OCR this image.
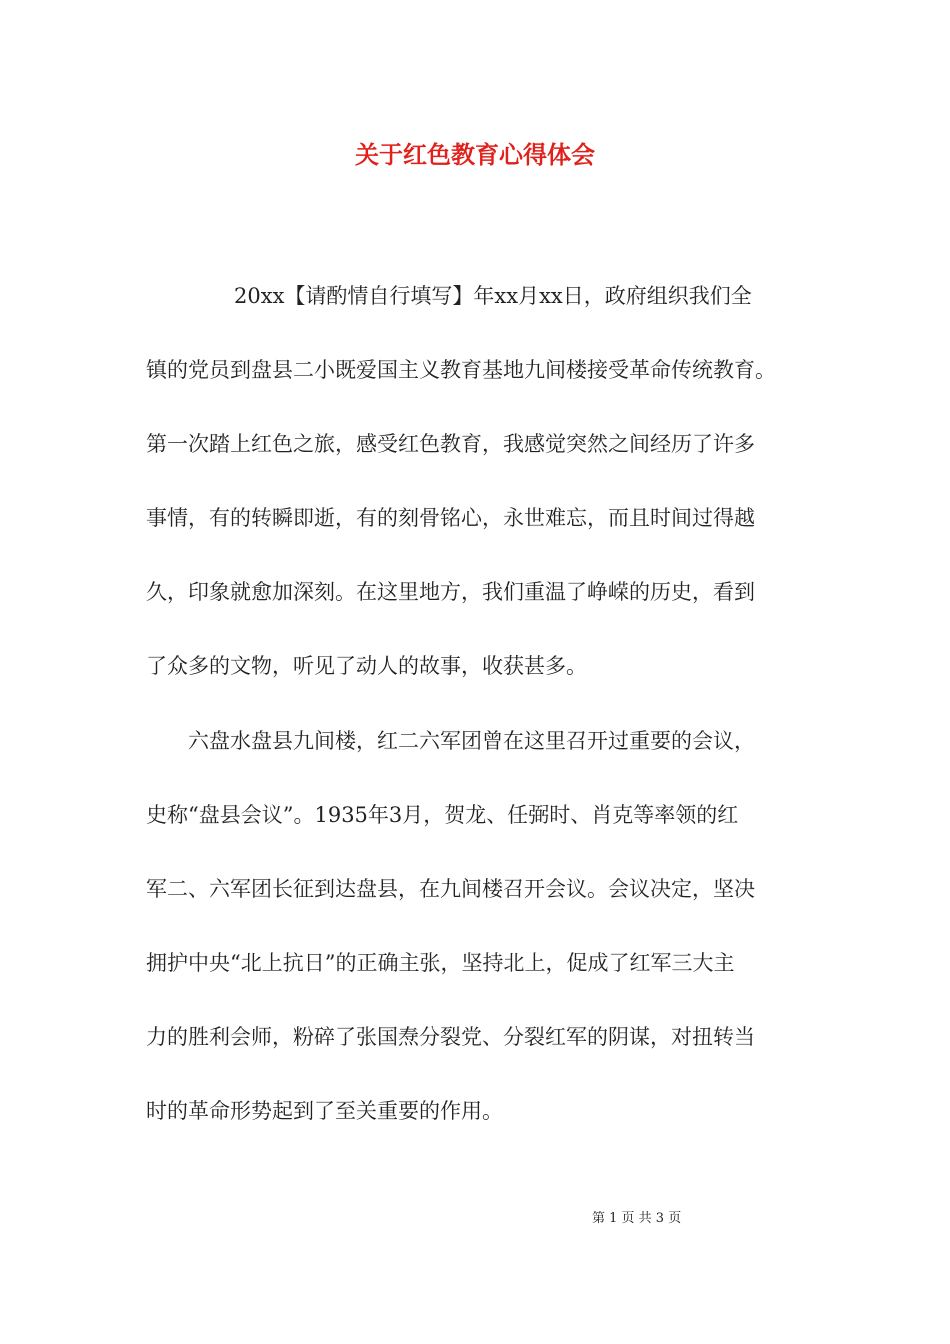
关于红色教育心得体会

20xx【请酌情自行填写】年xx月xx日，政府组织我们全

镇的党员到盘县二小既爱国主义教育基地九间楼接受革命传统教育。

第一次踏上红色之旅，感受红色教育，我感觉突然之间经历了许多

事情，有的转瞬即逝，有的刻骨铭心，永世难忘，而且时间过得越

久，印象就愈加深刻。在这里地方，我们重温了峥嵘的历史，看到

了众多的文物，听见了动人的故事，收获甚多。

六盘水盘县九间楼，红二六军团曾在这里召开过重要的会议，

史称“盘县会议”。1935年3月，贺龙、任弼时、肖克等率领的红

军二、六军团长征到达盘县，在九间楼召开会议。会议决定，坚决

拥护中央“北上抗日”的正确主张，坚持北上，促成了红军三大主

力的胜利会师，粉碎了张国焘分裂党、分裂红军的阴谋，对扭转当

时的革命形势起到了至关重要的作用。

第 1 页 共 3 页
